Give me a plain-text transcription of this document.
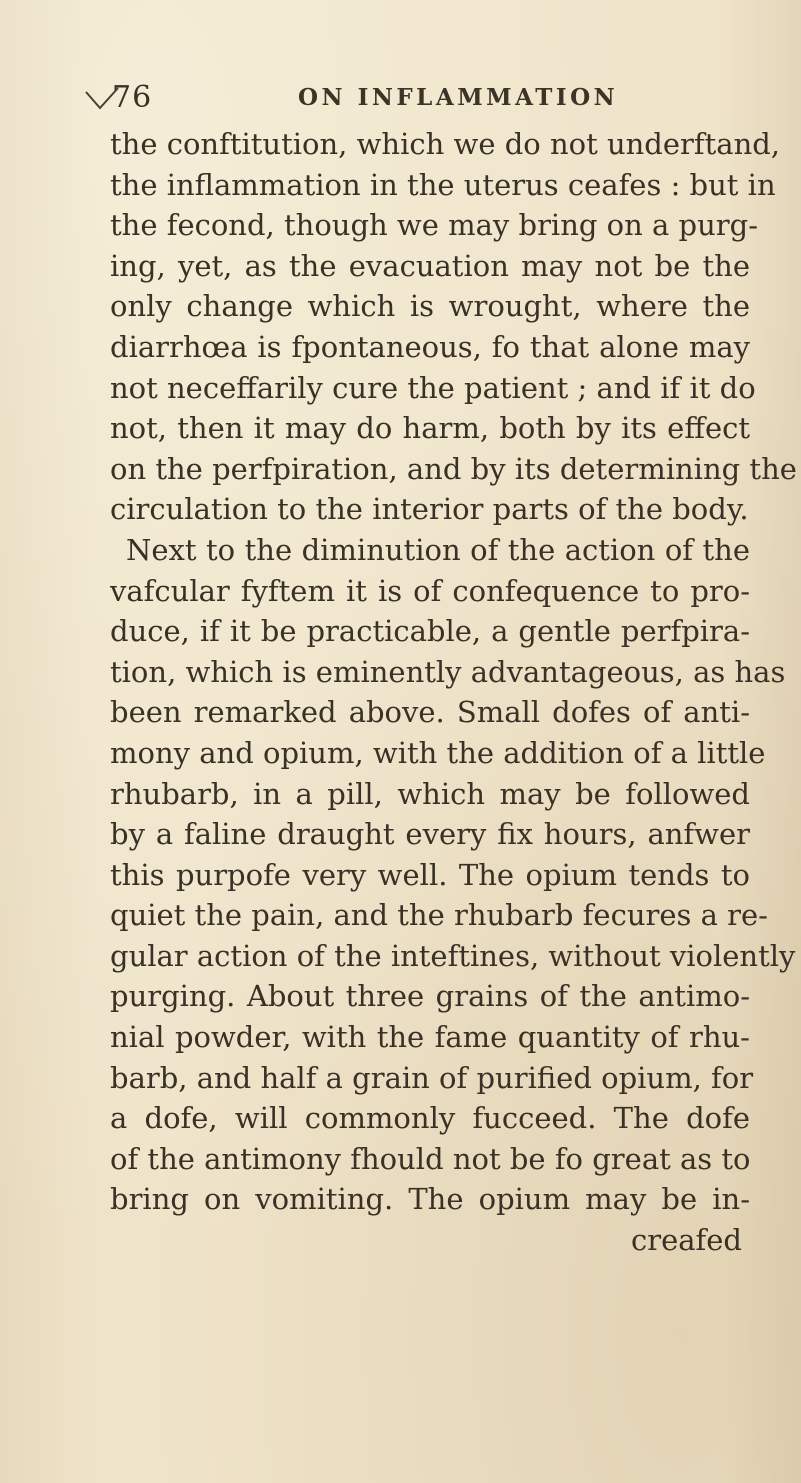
76	ON INFLAMMATION
the conftitution, which we do not underftand,
the inflammation in the uterus ceafes : but in
the fecond, though we may bring on a purg-
ing, yet, as the evacuation may not be the
only change which is wrought, where the
diarrhœa is fpontaneous, fo that alone may
not neceffarily cure the patient ; and if it do
not, then it may do harm, both by its effect
on the perfpiration, and by its determining the
circulation to the interior parts of the body.
Next to the diminution of the action of the
vafcular fyftem it is of confequence to pro-
duce, if it be practicable, a gentle perfpira-
tion, which is eminently advantageous, as has
been remarked above. Small dofes of anti-
mony and opium, with the addition of a little
rhubarb, in a pill, which may be followed
by a faline draught every fix hours, anfwer
this purpofe very well. The opium tends to
quiet the pain, and the rhubarb fecures a re-
gular action of the inteftines, without violently
purging. About three grains of the antimo-
nial powder, with the fame quantity of rhu-
barb, and half a grain of purified opium, for
a dofe, will commonly fucceed. The dofe
of the antimony fhould not be fo great as to
bring on vomiting. The opium may be in-
creafed
